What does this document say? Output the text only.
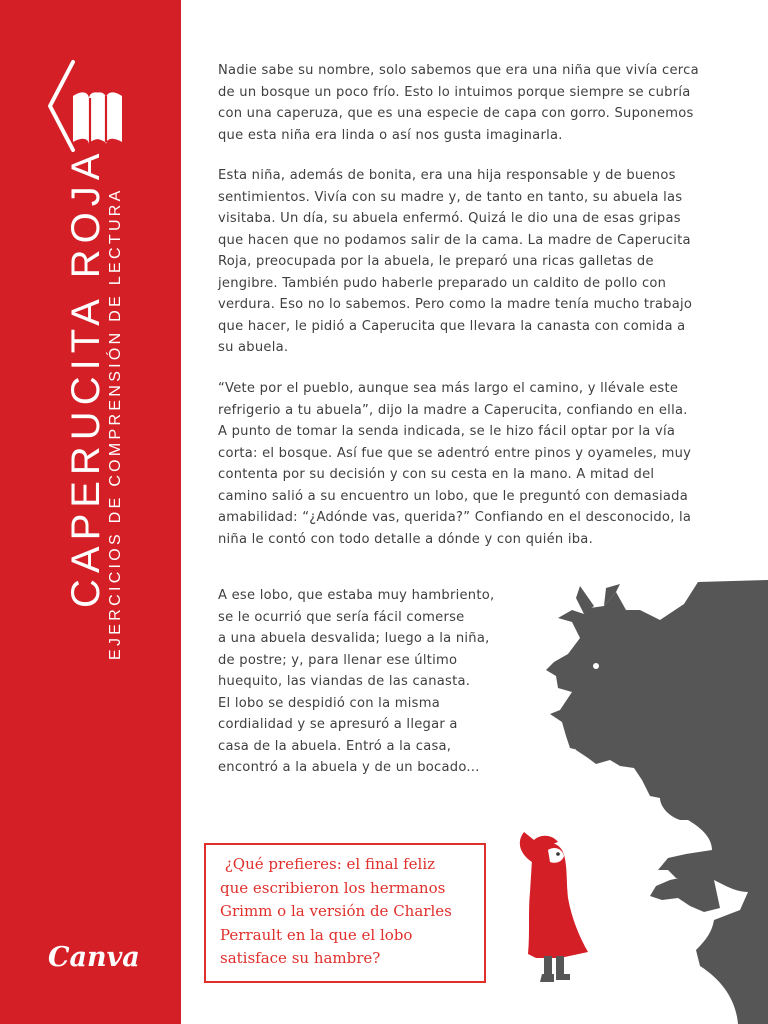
CAPERUCITA ROJA EJERCICIOS DE COMPRENSIÓN DE LECTURA
Canva
Nadie sabe su nombre, solo sabemos que era una niña que vivía cerca
de un bosque un poco frío. Esto lo intuimos porque siempre se cubría
con una caperuza, que es una especie de capa con gorro. Suponemos
que esta niña era linda o así nos gusta imaginarla.
Esta niña, además de bonita, era una hija responsable y de buenos
sentimientos. Vivía con su madre y, de tanto en tanto, su abuela las
visitaba. Un día, su abuela enfermó. Quizá le dio una de esas gripas
que hacen que no podamos salir de la cama. La madre de Caperucita
Roja, preocupada por la abuela, le preparó una ricas galletas de
jengibre. También pudo haberle preparado un caldito de pollo con
verdura. Eso no lo sabemos. Pero como la madre tenía mucho trabajo
que hacer, le pidió a Caperucita que llevara la canasta con comida a
su abuela.
“Vete por el pueblo, aunque sea más largo el camino, y llévale este
refrigerio a tu abuela”, dijo la madre a Caperucita, confiando en ella.
A punto de tomar la senda indicada, se le hizo fácil optar por la vía
corta: el bosque. Así fue que se adentró entre pinos y oyameles, muy
contenta por su decisión y con su cesta en la mano. A mitad del
camino salió a su encuentro un lobo, que le preguntó con demasiada
amabilidad: “¿Adónde vas, querida?” Confiando en el desconocido, la
niña le contó con todo detalle a dónde y con quién iba.
A ese lobo, que estaba muy hambriento,
se le ocurrió que sería fácil comerse
a una abuela desvalida; luego a la niña,
de postre; y, para llenar ese último
huequito, las viandas de las canasta.
El lobo se despidió con la misma
cordialidad y se apresuró a llegar a
casa de la abuela. Entró a la casa,
encontró a la abuela y de un bocado...
¿Qué prefieres: el final feliz
que escribieron los hermanos
Grimm o la versión de Charles
Perrault en la que el lobo
satisface su hambre?
